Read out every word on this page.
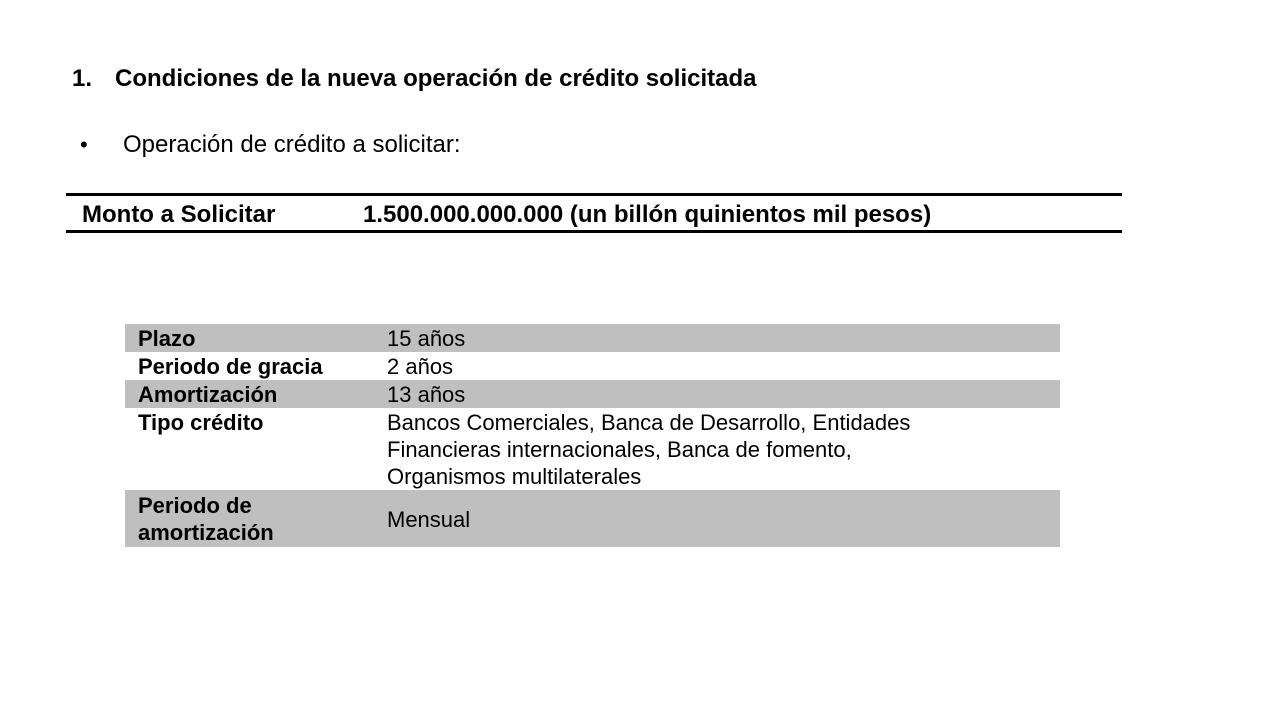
1. Condiciones de la nueva operación de crédito solicitada
• Operación de crédito a solicitar:
Monto a Solicitar	1.500.000.000.000 (un billón quinientos mil pesos)
Plazo	15 años
Periodo de gracia	2 años
Amortización	13 años
Tipo crédito	Bancos Comerciales, Banca de Desarrollo, Entidades
Financieras internacionales, Banca de fomento,
Organismos multilaterales

Periodo de
amortización	Mensual
